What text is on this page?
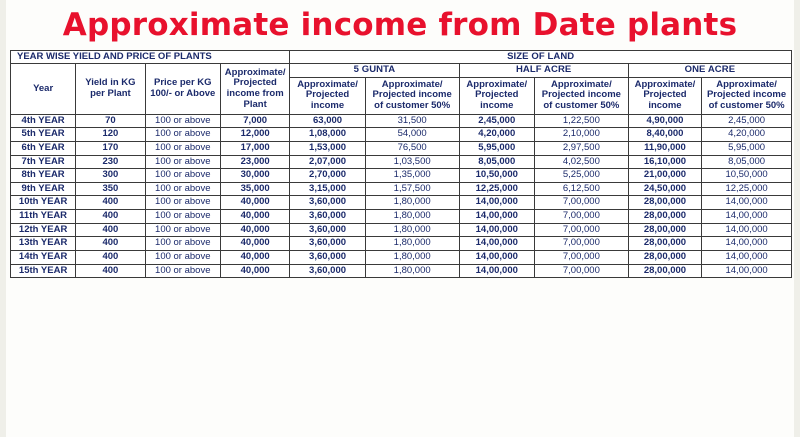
Approximate income from Date plants
YEAR WISE YIELD AND PRICE OF PLANTS				SIZE OF LAND					
Year	Yield in KG per Plant	Price per KG 100/- or Above	Approximate/ Projected income from Plant	5 GUNTA		HALF ACRE		ONE ACRE	
				Approximate/ Projected income	Approximate/ Projected income of customer 50%	Approximate/ Projected income	Approximate/ Projected income of customer 50%	Approximate/ Projected income	Approximate/ Projected income of customer 50%
4th YEAR	70	100 or above	7,000	63,000	31,500	2,45,000	1,22,500	4,90,000	2,45,000
5th YEAR	120	100 or above	12,000	1,08,000	54,000	4,20,000	2,10,000	8,40,000	4,20,000
6th YEAR	170	100 or above	17,000	1,53,000	76,500	5,95,000	2,97,500	11,90,000	5,95,000
7th YEAR	230	100 or above	23,000	2,07,000	1,03,500	8,05,000	4,02,500	16,10,000	8,05,000
8th YEAR	300	100 or above	30,000	2,70,000	1,35,000	10,50,000	5,25,000	21,00,000	10,50,000
9th YEAR	350	100 or above	35,000	3,15,000	1,57,500	12,25,000	6,12,500	24,50,000	12,25,000
10th YEAR	400	100 or above	40,000	3,60,000	1,80,000	14,00,000	7,00,000	28,00,000	14,00,000
11th YEAR	400	100 or above	40,000	3,60,000	1,80,000	14,00,000	7,00,000	28,00,000	14,00,000
12th YEAR	400	100 or above	40,000	3,60,000	1,80,000	14,00,000	7,00,000	28,00,000	14,00,000
13th YEAR	400	100 or above	40,000	3,60,000	1,80,000	14,00,000	7,00,000	28,00,000	14,00,000
14th YEAR	400	100 or above	40,000	3,60,000	1,80,000	14,00,000	7,00,000	28,00,000	14,00,000
15th YEAR	400	100 or above	40,000	3,60,000	1,80,000	14,00,000	7,00,000	28,00,000	14,00,000
